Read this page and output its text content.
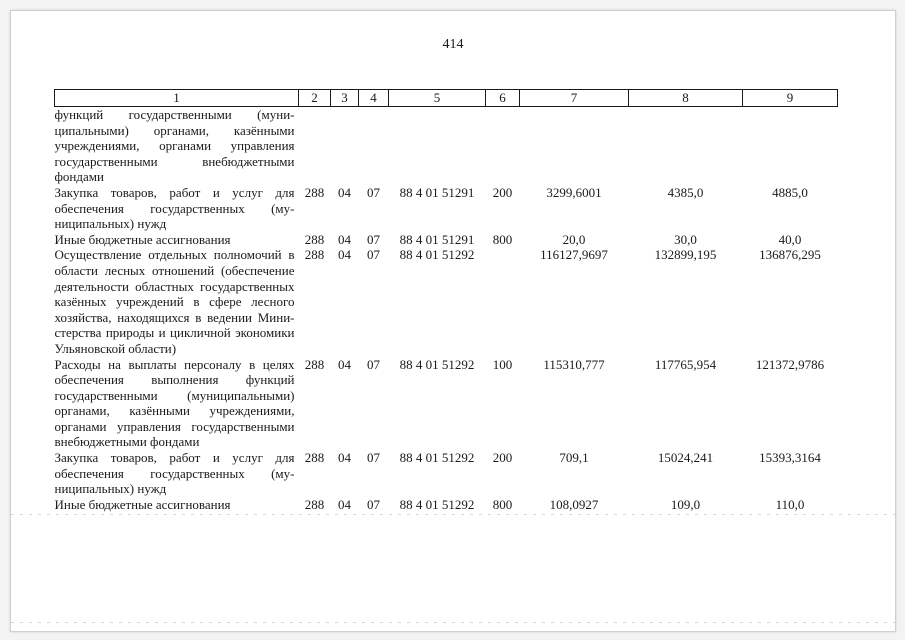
414
1	2	3	4	5	6	7	8	9
функций государственными (муниципальными) органами, казёнными учреждениями, органами управления государственными внебюджетными фондами								
Закупка товаров, работ и услуг для обеспечения государственных (муниципальных) нужд	288	04	07	88 4 01 51291	200	3299,6001	4385,0	4885,0
Иные бюджетные ассигнования	288	04	07	88 4 01 51291	800	20,0	30,0	40,0
Осуществление отдельных полномочий в области лесных отношений (обеспечение деятельности областных государственных казённых учреждений в сфере лесного хозяйства, находящихся в ведении Министерства природы и цикличной экономики Ульяновской области)	288	04	07	88 4 01 51292		116127,9697	132899,195	136876,295
Расходы на выплаты персоналу в целях обеспечения выполнения функций государственными (муниципальными) органами, казёнными учреждениями, органами управления государственными внебюджетными фондами	288	04	07	88 4 01 51292	100	115310,777	117765,954	121372,9786
Закупка товаров, работ и услуг для обеспечения государственных (муниципальных) нужд	288	04	07	88 4 01 51292	200	709,1	15024,241	15393,3164
Иные бюджетные ассигнования	288	04	07	88 4 01 51292	800	108,0927	109,0	110,0
